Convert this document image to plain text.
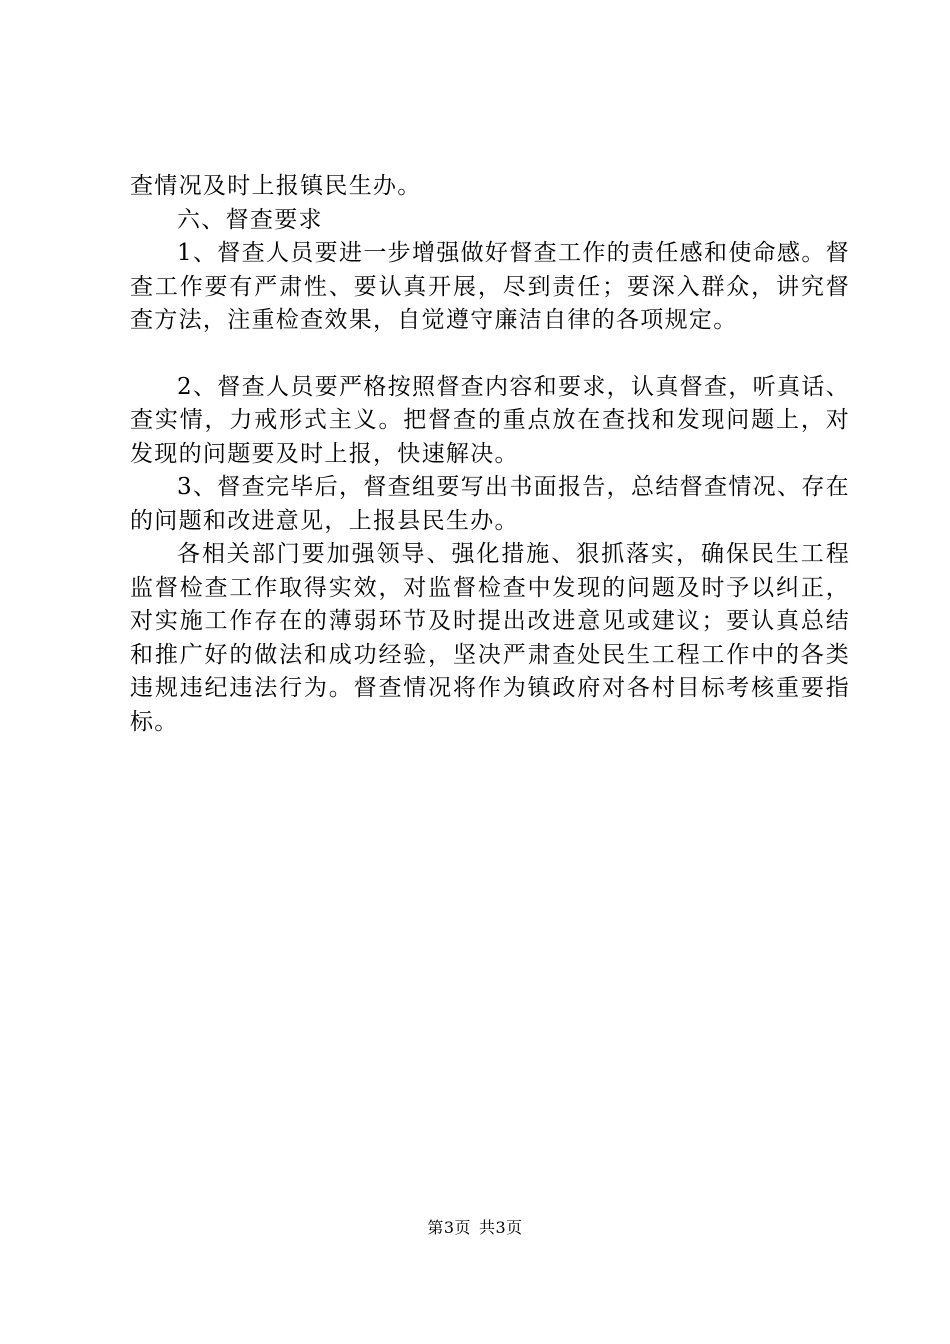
查情况及时上报镇民生办。

六、督查要求

1、督查人员要进一步增强做好督查工作的责任感和使命感。督查工作要有严肃性、要认真开展，尽到责任；要深入群众，讲究督查方法，注重检查效果，自觉遵守廉洁自律的各项规定。

2、督查人员要严格按照督查内容和要求，认真督查，听真话、查实情，力戒形式主义。把督查的重点放在查找和发现问题上，对发现的问题要及时上报，快速解决。

3、督查完毕后，督查组要写出书面报告，总结督查情况、存在的问题和改进意见，上报县民生办。

各相关部门要加强领导、强化措施、狠抓落实，确保民生工程监督检查工作取得实效，对监督检查中发现的问题及时予以纠正，对实施工作存在的薄弱环节及时提出改进意见或建议；要认真总结和推广好的做法和成功经验，坚决严肃查处民生工程工作中的各类违规违纪违法行为。督查情况将作为镇政府对各村目标考核重要指标。

第3页 共3页
